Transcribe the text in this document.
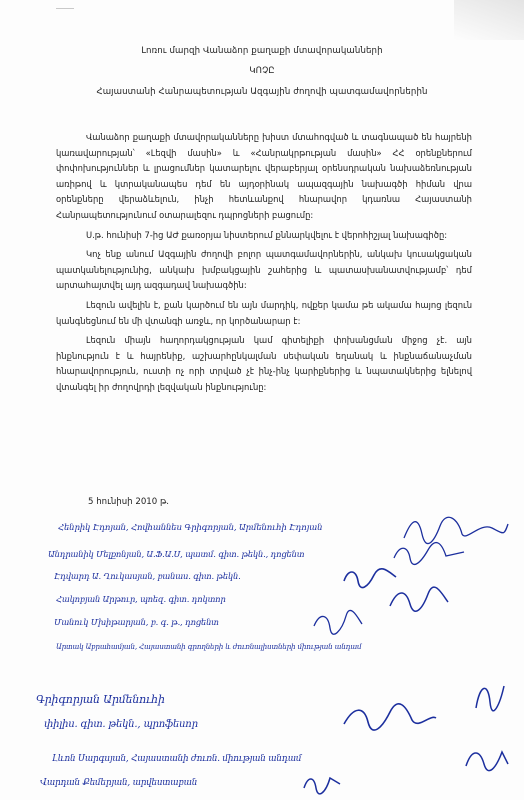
Լոռու մարզի Վանաձոր քաղաքի մտավորականների
ԿՈՉԸ
Հայաստանի Հանրապետության Ազգային ժողովի պատգամավորներին

Վանաձոր քաղաքի մտավորականները խիստ մտահոգված և տագնապած են հայրենի կառավարության՝ «Լեզվի մասին» և «Հանրակրթության մասին» ՀՀ օրենքներում փոփոխություններ և լրացումներ կատարելու վերաբերյալ օրենսդրական նախաձեռնության առիթով և կտրականապես դեմ են այդօրինակ ապազգային նախագծի հիման վրա օրենքները վերաձևելուն, ինչի հետևանքով հնարավոր կդառնա Հայաստանի Հանրապետությունում օտարալեզու դպրոցների բացումը:

Ս.թ. հունիսի 7-ից ԱԺ քառօրյա նիստերում քննարկվելու է վերոհիշյալ նախագիծը:

Կոչ ենք անում Ազգային ժողովի բոլոր պատգամավորներին, անկախ կուսակցական պատկանելությունից, անկախ խմբակցային շահերից և պատասխանատվությամբ՝ դեմ արտահայտվել այդ ազգադավ նախագծին:

Լեզուն ավելին է, քան կարծում են այն մարդիկ, ովքեր կամա թե ակամա հայոց լեզուն կանգնեցնում են մի վտանգի առջև, որ կործանարար է:

Լեզուն միայն հաղորդակցության կամ գիտելիքի փոխանցման միջոց չէ. այն ինքնություն է և հայրենիք, աշխարհընկալման սեփական եղանակ և ինքնաճանաչման հնարավորություն, ուստի ոչ որի տրված չէ ինչ-ինչ կարիքներից և նպատակներից ելնելով վտանգել իր ժողովրդի լեզվական ինքնությունը:

5 հունիսի 2010 թ.
Հենրիկ Էդոյան, Հովհաննես Գրիգորյան, Արմենուհի Էդոյան
Անդրանիկ Մելքոնյան, Ա.Ֆ.Ա.Ս, պատմ. գիտ. թեկն., դոցենտ
Էդվարդ Ա. Ղուկասյան, բանաս. գիտ. թեկն.
Հակոբյան Արթուր, պոեզ. գիտ. դոկտոր
Մանուկ Մխիթարյան, բ. գ. թ., դոցենտ
Արտակ Աբրահամյան, Հայաստանի գրողների և ժուռնալիստների միության անդամ
Գրիգորյան Արմենուհի
փիլիս. գիտ. թեկն., պրոֆեսոր
Լևոն Սարգսյան, Հայաստանի ժուռն. միության անդամ
Վարդան Քեմերյան, արվեստաբան
